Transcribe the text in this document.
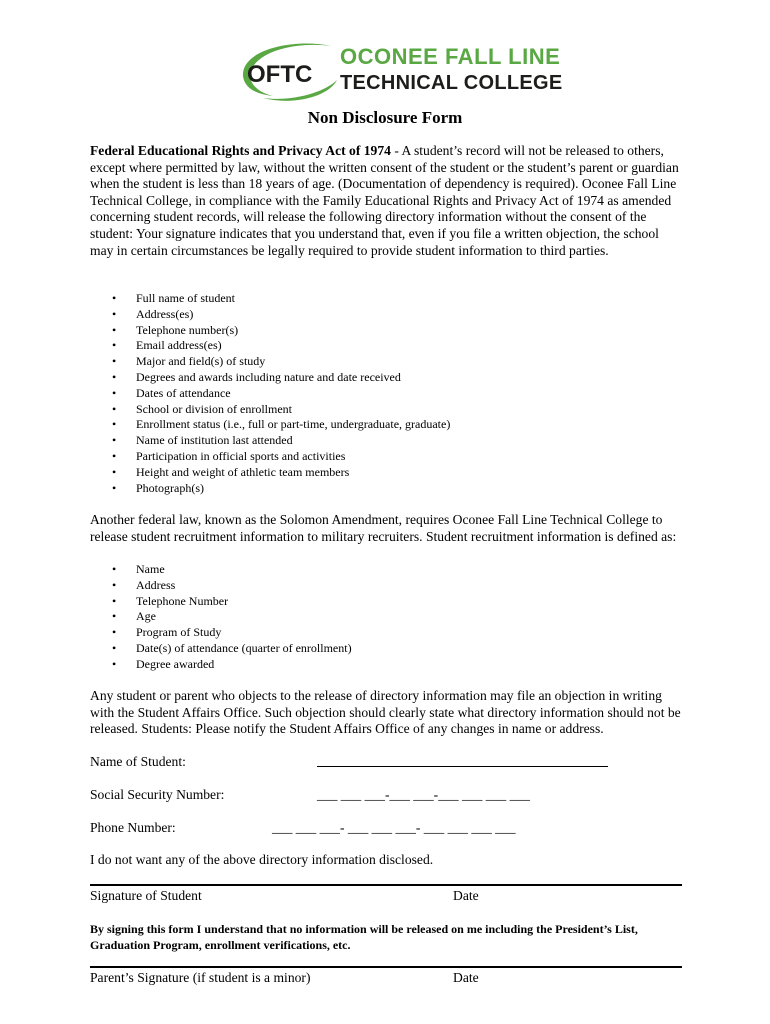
OFTC
OCONEE FALL LINE
TECHNICAL COLLEGE
Non Disclosure Form
Federal Educational Rights and Privacy Act of 1974 - A student’s record will not be released to others, except where permitted by law, without the written consent of the student or the student’s parent or guardian when the student is less than 18 years of age. (Documentation of dependency is required). Oconee Fall Line Technical College, in compliance with the Family Educational Rights and Privacy Act of 1974 as amended concerning student records, will release the following directory information without the consent of the student: Your signature indicates that you understand that, even if you file a written objection, the school may in certain circumstances be legally required to provide student information to third parties.
• Full name of student
• Address(es)
• Telephone number(s)
• Email address(es)
• Major and field(s) of study
• Degrees and awards including nature and date received
• Dates of attendance
• School or division of enrollment
• Enrollment status (i.e., full or part-time, undergraduate, graduate)
• Name of institution last attended
• Participation in official sports and activities
• Height and weight of athletic team members
• Photograph(s)
Another federal law, known as the Solomon Amendment, requires Oconee Fall Line Technical College to release student recruitment information to military recruiters. Student recruitment information is defined as:
• Name
• Address
• Telephone Number
• Age
• Program of Study
• Date(s) of attendance (quarter of enrollment)
• Degree awarded
Any student or parent who objects to the release of directory information may file an objection in writing with the Student Affairs Office. Such objection should clearly state what directory information should not be released. Students: Please notify the Student Affairs Office of any changes in name or address.
Name of Student:
Social Security Number:	___ ___ ___-___ ___-___ ___ ___ ___
Phone Number:	___ ___ ___- ___ ___ ___- ___ ___ ___ ___
I do not want any of the above directory information disclosed.
Signature of Student	Date
By signing this form I understand that no information will be released on me including the President’s List, Graduation Program, enrollment verifications, etc.
Parent’s Signature (if student is a minor)	Date
